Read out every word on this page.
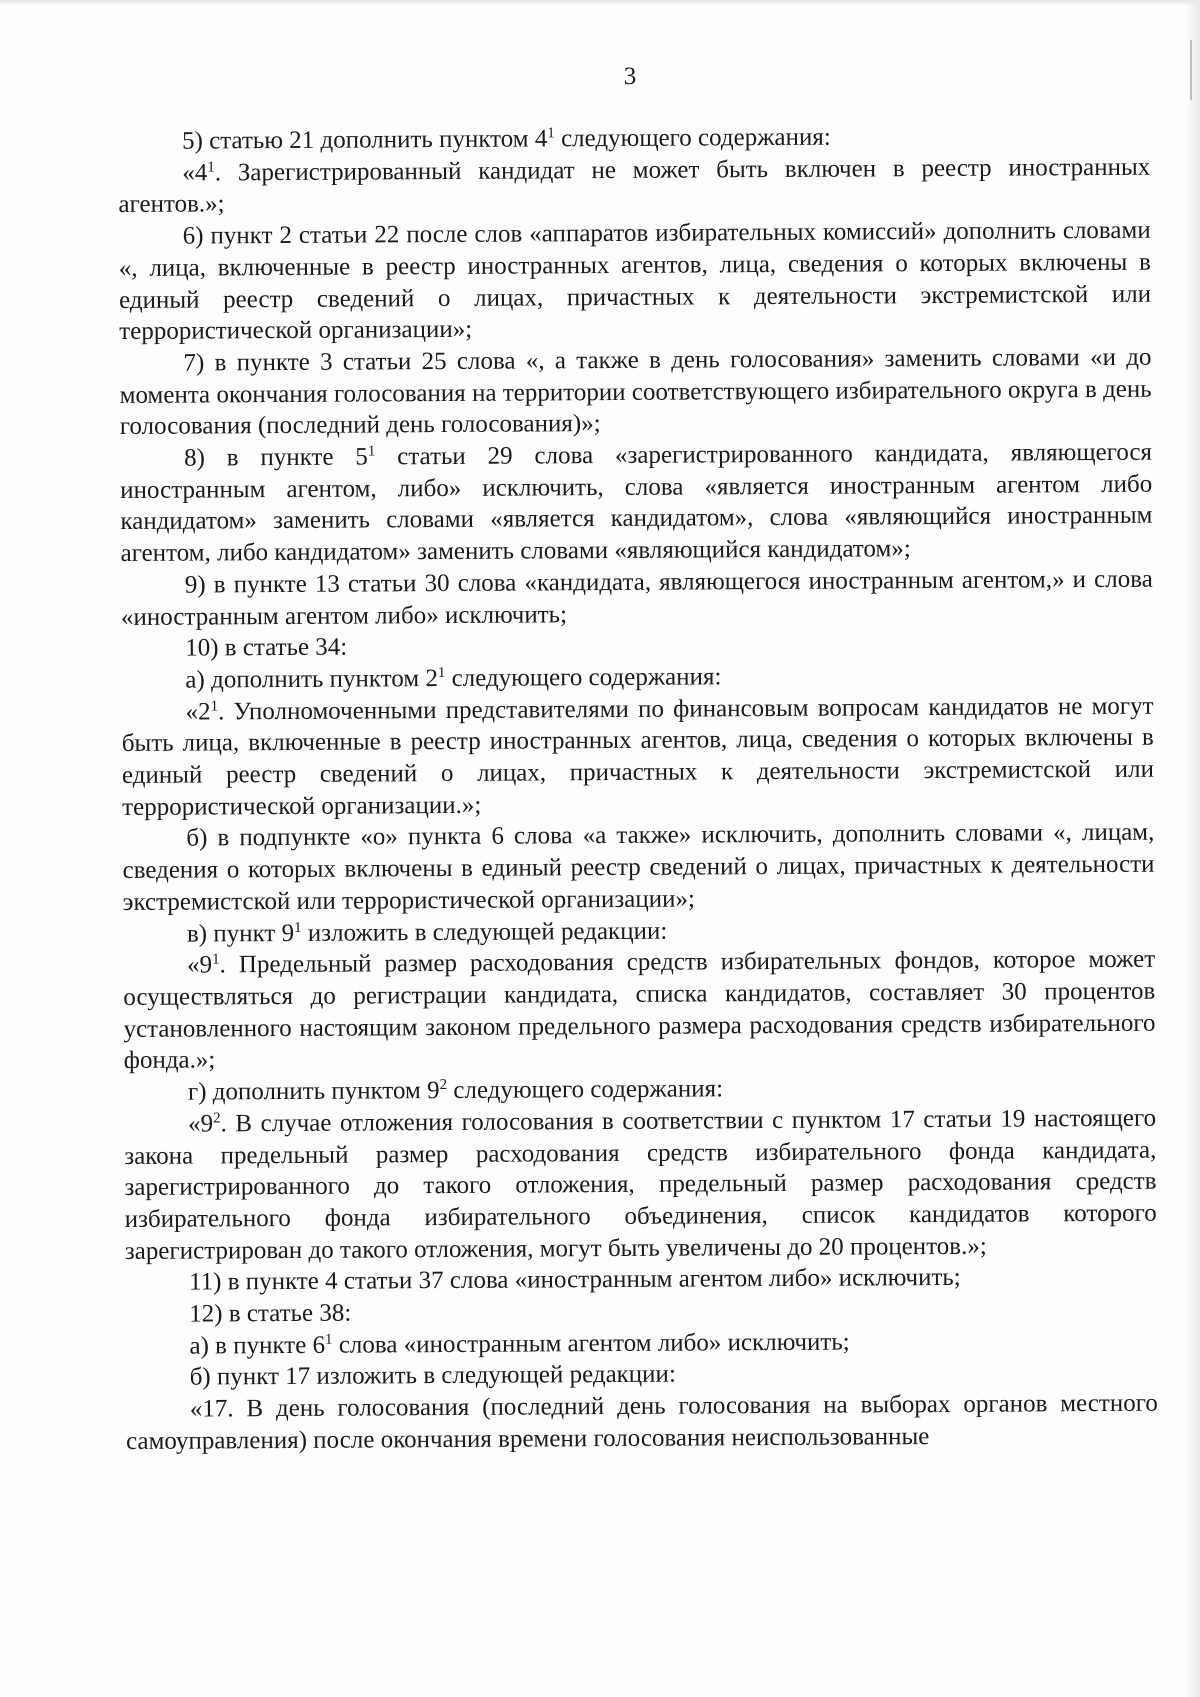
3

5) статью 21 дополнить пунктом $4^1$ следующего содержания:

«$4^1$. Зарегистрированный кандидат не может быть включен в реестр иностранных агентов.»;

6) пункт 2 статьи 22 после слов «аппаратов избирательных комиссий» дополнить словами «, лица, включенные в реестр иностранных агентов, лица, сведения о которых включены в единый реестр сведений о лицах, причастных к деятельности экстремистской или террористической организации»;

7) в пункте 3 статьи 25 слова «, а также в день голосования» заменить словами «и до момента окончания голосования на территории соответствующего избирательного округа в день голосования (последний день голосования)»;

8) в пункте $5^1$ статьи 29 слова «зарегистрированного кандидата, являющегося иностранным агентом, либо» исключить, слова «является иностранным агентом либо кандидатом» заменить словами «является кандидатом», слова «являющийся иностранным агентом, либо кандидатом» заменить словами «являющийся кандидатом»;

9) в пункте 13 статьи 30 слова «кандидата, являющегося иностранным агентом,» и слова «иностранным агентом либо» исключить;

10) в статье 34:

а) дополнить пунктом $2^1$ следующего содержания:

«$2^1$. Уполномоченными представителями по финансовым вопросам кандидатов не могут быть лица, включенные в реестр иностранных агентов, лица, сведения о которых включены в единый реестр сведений о лицах, причастных к деятельности экстремистской или террористической организации.»;

б) в подпункте «о» пункта 6 слова «а также» исключить, дополнить словами «, лицам, сведения о которых включены в единый реестр сведений о лицах, причастных к деятельности экстремистской или террористической организации»;

в) пункт $9^1$ изложить в следующей редакции:

«$9^1$. Предельный размер расходования средств избирательных фондов, которое может осуществляться до регистрации кандидата, списка кандидатов, составляет 30 процентов установленного настоящим законом предельного размера расходования средств избирательного фонда.»;

г) дополнить пунктом $9^2$ следующего содержания:

«$9^2$. В случае отложения голосования в соответствии с пунктом 17 статьи 19 настоящего закона предельный размер расходования средств избирательного фонда кандидата, зарегистрированного до такого отложения, предельный размер расходования средств избирательного фонда избирательного объединения, список кандидатов которого зарегистрирован до такого отложения, могут быть увеличены до 20 процентов.»;

11) в пункте 4 статьи 37 слова «иностранным агентом либо» исключить;

12) в статье 38:

а) в пункте $6^1$ слова «иностранным агентом либо» исключить;

б) пункт 17 изложить в следующей редакции:

«17. В день голосования (последний день голосования на выборах органов местного самоуправления) после окончания времени голосования неиспользованные
